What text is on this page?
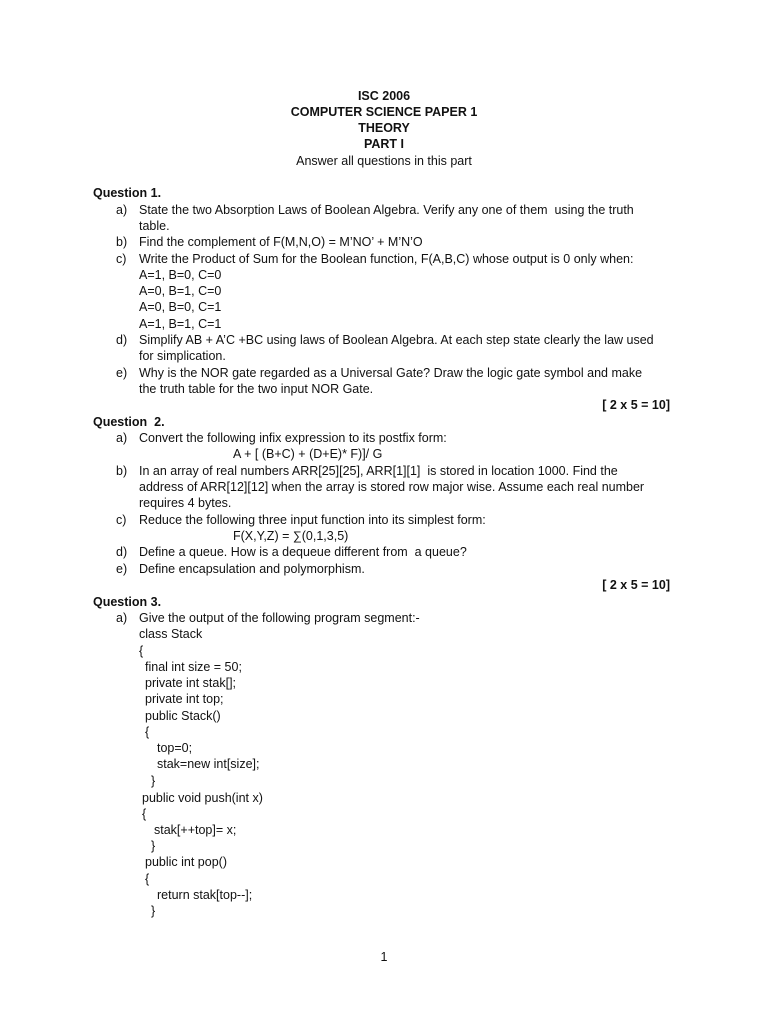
ISC 2006
COMPUTER SCIENCE PAPER 1
THEORY
PART I
Answer all questions in this part
Question 1.
a) State the two Absorption Laws of Boolean Algebra. Verify any one of them  using the truth
table.
b) Find the complement of F(M,N,O) = M’NO’ + M’N’O
c) Write the Product of Sum for the Boolean function, F(A,B,C) whose output is 0 only when:
A=1, B=0, C=0
A=0, B=1, C=0
A=0, B=0, C=1
A=1, B=1, C=1
d) Simplify AB + A’C +BC using laws of Boolean Algebra. At each step state clearly the law used
for simplication.
e) Why is the NOR gate regarded as a Universal Gate? Draw the logic gate symbol and make
the truth table for the two input NOR Gate.
[ 2 x 5 = 10]
Question  2.
a) Convert the following infix expression to its postfix form:
A + [ (B+C) + (D+E)* F)]/ G
b) In an array of real numbers ARR[25][25], ARR[1][1]  is stored in location 1000. Find the
address of ARR[12][12] when the array is stored row major wise. Assume each real number
requires 4 bytes.
c) Reduce the following three input function into its simplest form:
F(X,Y,Z) = ∑(0,1,3,5)
d) Define a queue. How is a dequeue different from  a queue?
e) Define encapsulation and polymorphism.
[ 2 x 5 = 10]
Question 3.
a) Give the output of the following program segment:-
class Stack
{
final int size = 50;
private int stak[];
private int top;
public Stack()
{
top=0;
stak=new int[size];
}
public void push(int x)
{
stak[++top]= x;
}
public int pop()
{
return stak[top--];
}
1
